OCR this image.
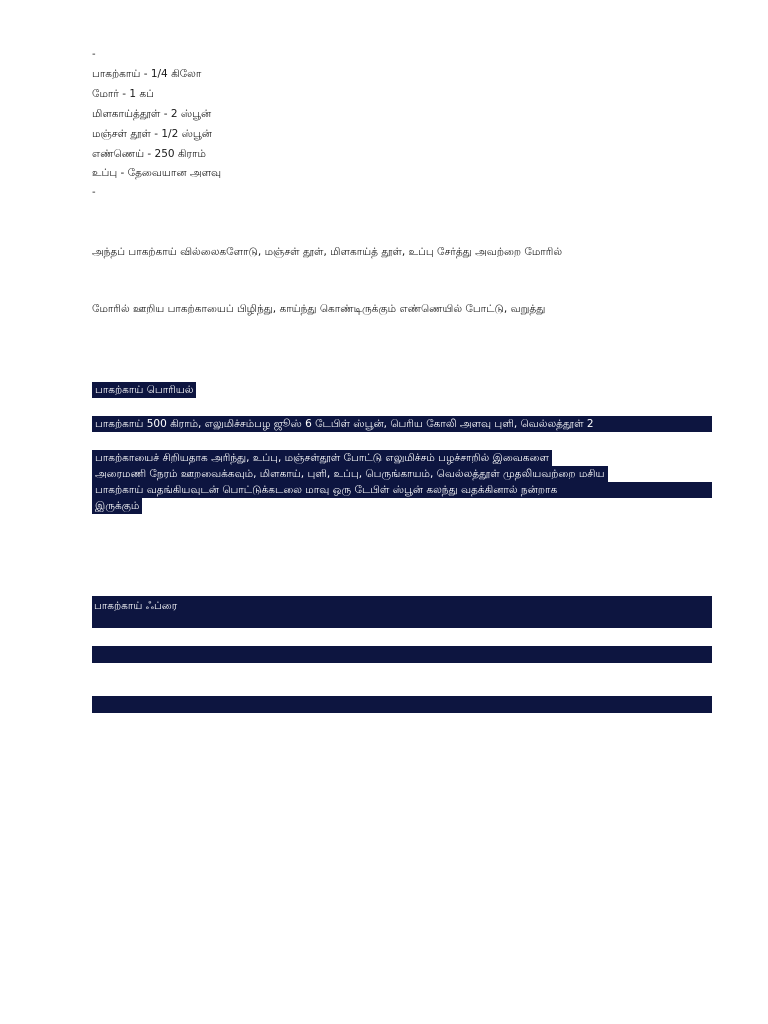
-
பாகற்காய் - 1/4 கிலோ
மோர் - 1 கப்
மிளகாய்த்தூள் - 2 ஸ்பூன்
மஞ்சள் தூள் - 1/2 ஸ்பூன்
எண்ணெய் - 250 கிராம்
உப்பு - தேவையான அளவு
-
அந்தப் பாகற்காய் வில்லைகளோடு, மஞ்சள் தூள், மிளகாய்த் தூள், உப்பு சேர்த்து அவற்றை மோரில்
மோரில் ஊறிய பாகற்காயைப் பிழிந்து, காய்ந்து கொண்டிருக்கும் எண்ணெயில் போட்டு, வறுத்து
பாகற்காய் பொரியல்
பாகற்காய் 500 கிராம், எலுமிச்சம்பழ ஜூஸ் 6 டேபிள் ஸ்பூன், பெரிய கோலி அளவு புளி, வெல்லத்தூள் 2
பாகற்காயைச் சிறியதாக அரிந்து, உப்பு, மஞ்சள்தூள் போட்டு எலுமிச்சம் பழச்சாறில் இவைகளை
அரைமணி நேரம் ஊறவைக்கவும், மிளகாய், புளி, உப்பு, பெருங்காயம், வெல்லத்தூள் முதலியவற்றை மசிய
பாகற்காய் வதங்கியவுடன் பொட்டுக்கடலை மாவு ஒரு டேபிள் ஸ்பூன் கலந்து வதக்கினால் நன்றாக
இருக்கும்
பாகற்காய் ஃப்ரை
